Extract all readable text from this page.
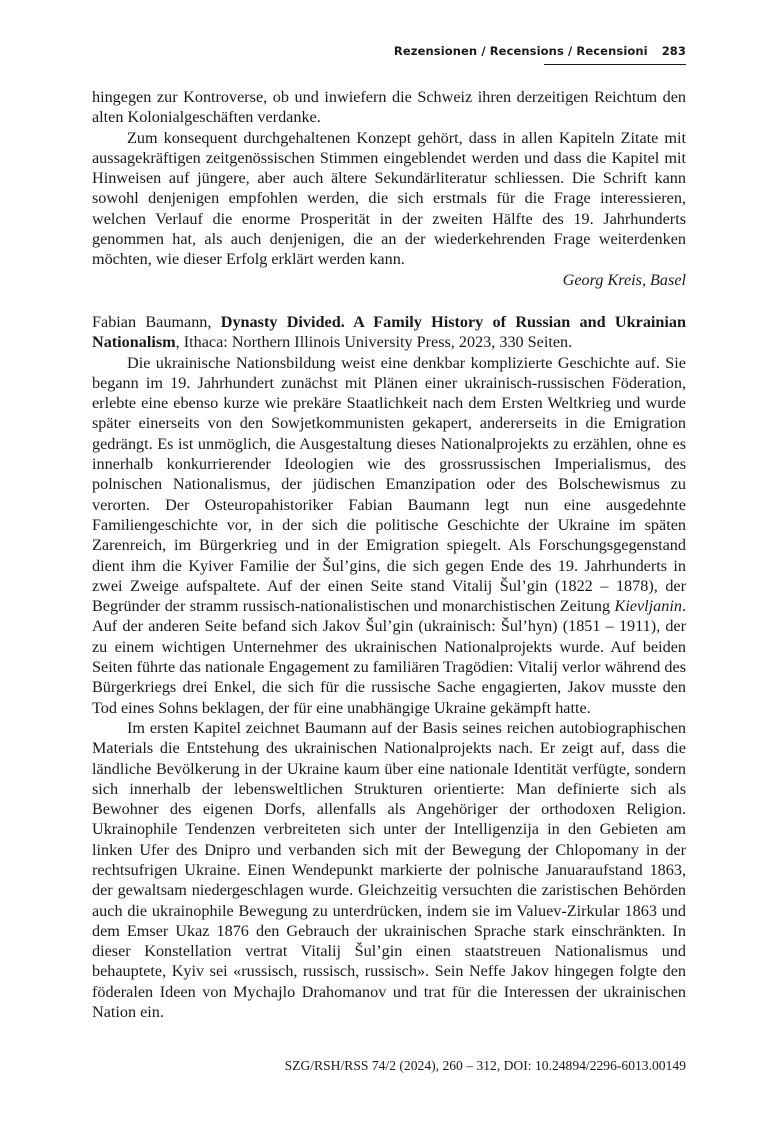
Rezensionen / Recensions / Recensioni	283

hingegen zur Kontroverse, ob und inwiefern die Schweiz ihren derzeitigen Reichtum den alten Kolonialgeschäften verdanke.

Zum konsequent durchgehaltenen Konzept gehört, dass in allen Kapiteln Zitate mit aussagekräftigen zeitgenössischen Stimmen eingeblendet werden und dass die Kapitel mit Hinweisen auf jüngere, aber auch ältere Sekundärliteratur schliessen. Die Schrift kann sowohl denjenigen empfohlen werden, die sich erstmals für die Frage interessieren, welchen Verlauf die enorme Prosperität in der zweiten Hälfte des 19. Jahrhunderts genommen hat, als auch denjenigen, die an der wiederkehrenden Frage weiterdenken möchten, wie dieser Erfolg erklärt werden kann.

Georg Kreis, Basel

Fabian Baumann, Dynasty Divided. A Family History of Russian and Ukrainian Nationalism, Ithaca: Northern Illinois University Press, 2023, 330 Seiten.

Die ukrainische Nationsbildung weist eine denkbar komplizierte Geschichte auf. Sie begann im 19. Jahrhundert zunächst mit Plänen einer ukrainisch-russischen Föderation, erlebte eine ebenso kurze wie prekäre Staatlichkeit nach dem Ersten Weltkrieg und wurde später einerseits von den Sowjetkommunisten gekapert, andererseits in die Emigration gedrängt. Es ist unmöglich, die Ausgestaltung dieses Nationalprojekts zu erzählen, ohne es innerhalb konkurrierender Ideologien wie des grossrussischen Imperialismus, des polnischen Nationalismus, der jüdischen Emanzipation oder des Bolschewismus zu verorten. Der Osteuropahistoriker Fabian Baumann legt nun eine ausgedehnte Familiengeschichte vor, in der sich die politische Geschichte der Ukraine im späten Zarenreich, im Bürgerkrieg und in der Emigration spiegelt. Als Forschungsgegenstand dient ihm die Kyiver Familie der Šul’gins, die sich gegen Ende des 19. Jahrhunderts in zwei Zweige aufspaltete. Auf der einen Seite stand Vitalij Šul’gin (1822 – 1878), der Begründer der stramm russisch-nationalistischen und monarchistischen Zeitung Kievljanin. Auf der anderen Seite befand sich Jakov Šul’gin (ukrainisch: Šul’hyn) (1851 – 1911), der zu einem wichtigen Unternehmer des ukrainischen Nationalprojekts wurde. Auf beiden Seiten führte das nationale Engagement zu familiären Tragödien: Vitalij verlor während des Bürgerkriegs drei Enkel, die sich für die russische Sache engagierten, Jakov musste den Tod eines Sohns beklagen, der für eine unabhängige Ukraine gekämpft hatte.

Im ersten Kapitel zeichnet Baumann auf der Basis seines reichen autobiographischen Materials die Entstehung des ukrainischen Nationalprojekts nach. Er zeigt auf, dass die ländliche Bevölkerung in der Ukraine kaum über eine nationale Identität verfügte, sondern sich innerhalb der lebensweltlichen Strukturen orientierte: Man definierte sich als Bewohner des eigenen Dorfs, allenfalls als Angehöriger der orthodoxen Religion. Ukrainophile Tendenzen verbreiteten sich unter der Intelligenzija in den Gebieten am linken Ufer des Dnipro und verbanden sich mit der Bewegung der Chlopomany in der rechtsufrigen Ukraine. Einen Wendepunkt markierte der polnische Januaraufstand 1863, der gewaltsam niedergeschlagen wurde. Gleichzeitig versuchten die zaristischen Behörden auch die ukrainophile Bewegung zu unterdrücken, indem sie im Valuev-Zirkular 1863 und dem Emser Ukaz 1876 den Gebrauch der ukrainischen Sprache stark einschränkten. In dieser Konstellation vertrat Vitalij Šul’gin einen staatstreuen Nationalismus und behauptete, Kyiv sei «russisch, russisch, russisch». Sein Neffe Jakov hingegen folgte den föderalen Ideen von Mychajlo Drahomanov und trat für die Interessen der ukrainischen Nation ein.

SZG/RSH/RSS 74/2 (2024), 260 – 312, DOI: 10.24894/2296-6013.00149
